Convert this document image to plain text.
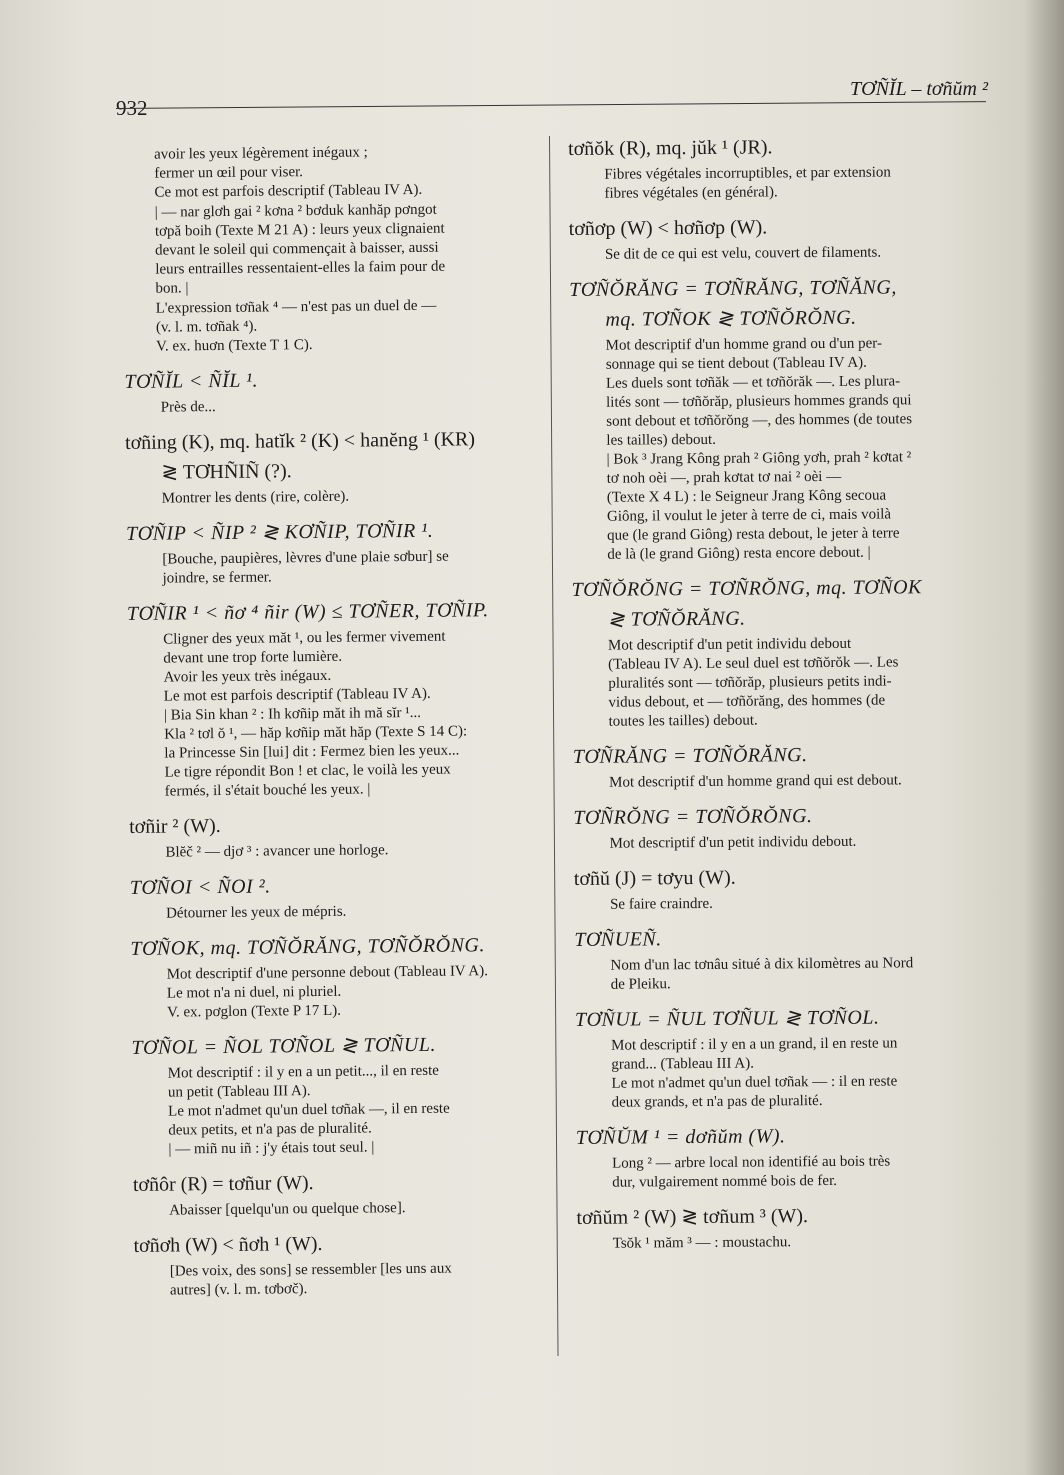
932
TƠÑĬL – tơñŭm ²

avoir les yeux légèrement inégaux ;

fermer un œil pour viser.

Ce mot est parfois descriptif (Tableau IV A).

| — nar glơh gai ² kơna ² bơduk kanhăp pơngot

tơpă boih (Texte M 21 A) : leurs yeux clignaient

devant le soleil qui commençait à baisser, aussi

leurs entrailles ressentaient-elles la faim pour de

bon. |

L'expression tơñak ⁴ — n'est pas un duel de —

(v. l. m. tơñak ⁴).

V. ex. huơn (Texte T 1 C).

TƠÑĬL < ÑĬL ¹.

Près de...

tơñing (K), mq. hatĭk ² (K) < hanĕng ¹ (KR)
≷ TƠHÑIÑ (?).

Montrer les dents (rire, colère).

TƠÑIP < ÑIP ² ≷ KƠÑIP, TƠÑIR ¹.

[Bouche, paupières, lèvres d'une plaie sơbur] se

joindre, se fermer.

TƠÑIR ¹ < ñơ ⁴ ñir (W) ≤ TƠÑER, TƠÑIP.

Cligner des yeux măt ¹, ou les fermer vivement

devant une trop forte lumière.

Avoir les yeux très inégaux.

Le mot est parfois descriptif (Tableau IV A).

| Bia Sin khan ² : Ih kơñip măt ih mă sĭr ¹...

Kla ² tơl ŏ ¹, — hăp kơñip măt hăp (Texte S 14 C):

la Princesse Sin [lui] dit : Fermez bien les yeux...

Le tigre répondit Bon ! et clac, le voilà les yeux

fermés, il s'était bouché les yeux. |

tơñir ² (W).

Blĕč ² — djơ ³ : avancer une horloge.

TƠÑOI < ÑOI ².

Détourner les yeux de mépris.

TƠÑOK, mq. TƠÑŎRĂNG, TƠÑŎRŎNG.

Mot descriptif d'une personne debout (Tableau IV A).

Le mot n'a ni duel, ni pluriel.

V. ex. pơglon (Texte P 17 L).

TƠÑOL = ÑOL TƠÑOL ≷ TƠÑUL.

Mot descriptif : il y en a un petit..., il en reste

un petit (Tableau III A).

Le mot n'admet qu'un duel tơñak —, il en reste

deux petits, et n'a pas de pluralité.

| — miñ nu iñ : j'y étais tout seul. |

tơñôr (R) = tơñur (W).

Abaisser [quelqu'un ou quelque chose].

tơñơh (W) < ñơh ¹ (W).

[Des voix, des sons] se ressembler [les uns aux

autres] (v. l. m. tơbơč).

tơñŏk (R), mq. jŭk ¹ (JR).

Fibres végétales incorruptibles, et par extension

fibres végétales (en général).

tơñơp (W) < hơñơp (W).

Se dit de ce qui est velu, couvert de filaments.

TƠÑŎRĂNG = TƠÑRĂNG, TƠÑĂNG,
mq. TƠÑOK ≷ TƠÑŎRŎNG.

Mot descriptif d'un homme grand ou d'un per-

sonnage qui se tient debout (Tableau IV A).

Les duels sont tơñăk — et tơñŏrăk —. Les plura-

lités sont — tơñŏrăp, plusieurs hommes grands qui

sont debout et tơñŏrŏng —, des hommes (de toutes

les tailles) debout.

| Bok ³ Jrang Kông prah ² Giông yơh, prah ² kơtat ²

tơ noh oèi —, prah kơtat tơ nai ² oèi —

(Texte X 4 L) : le Seigneur Jrang Kông secoua

Giông, il voulut le jeter à terre de ci, mais voilà

que (le grand Giông) resta debout, le jeter à terre

de là (le grand Giông) resta encore debout. |

TƠÑŎRŎNG = TƠÑRŎNG, mq. TƠÑOK
≷ TƠÑŎRĂNG.

Mot descriptif d'un petit individu debout

(Tableau IV A). Le seul duel est tơñŏrŏk —. Les

pluralités sont — tơñŏrăp, plusieurs petits indi-

vidus debout, et — tơñŏrăng, des hommes (de

toutes les tailles) debout.

TƠÑRĂNG = TƠÑŎRĂNG.

Mot descriptif d'un homme grand qui est debout.

TƠÑRŎNG = TƠÑŎRŎNG.

Mot descriptif d'un petit individu debout.

tơñŭ (J) = tơyu (W).

Se faire craindre.

TƠÑUEÑ.

Nom d'un lac tơnâu situé à dix kilomètres au Nord

de Pleiku.

TƠÑUL = ÑUL TƠÑUL ≷ TƠÑOL.

Mot descriptif : il y en a un grand, il en reste un

grand... (Tableau III A).

Le mot n'admet qu'un duel tơñak — : il en reste

deux grands, et n'a pas de pluralité.

TƠÑŬM ¹ = dơñŭm (W).

Long ² — arbre local non identifié au bois très

dur, vulgairement nommé bois de fer.

tơñŭm ² (W) ≷ tơñum ³ (W).

Tsŏk ¹ măm ³ — : moustachu.
